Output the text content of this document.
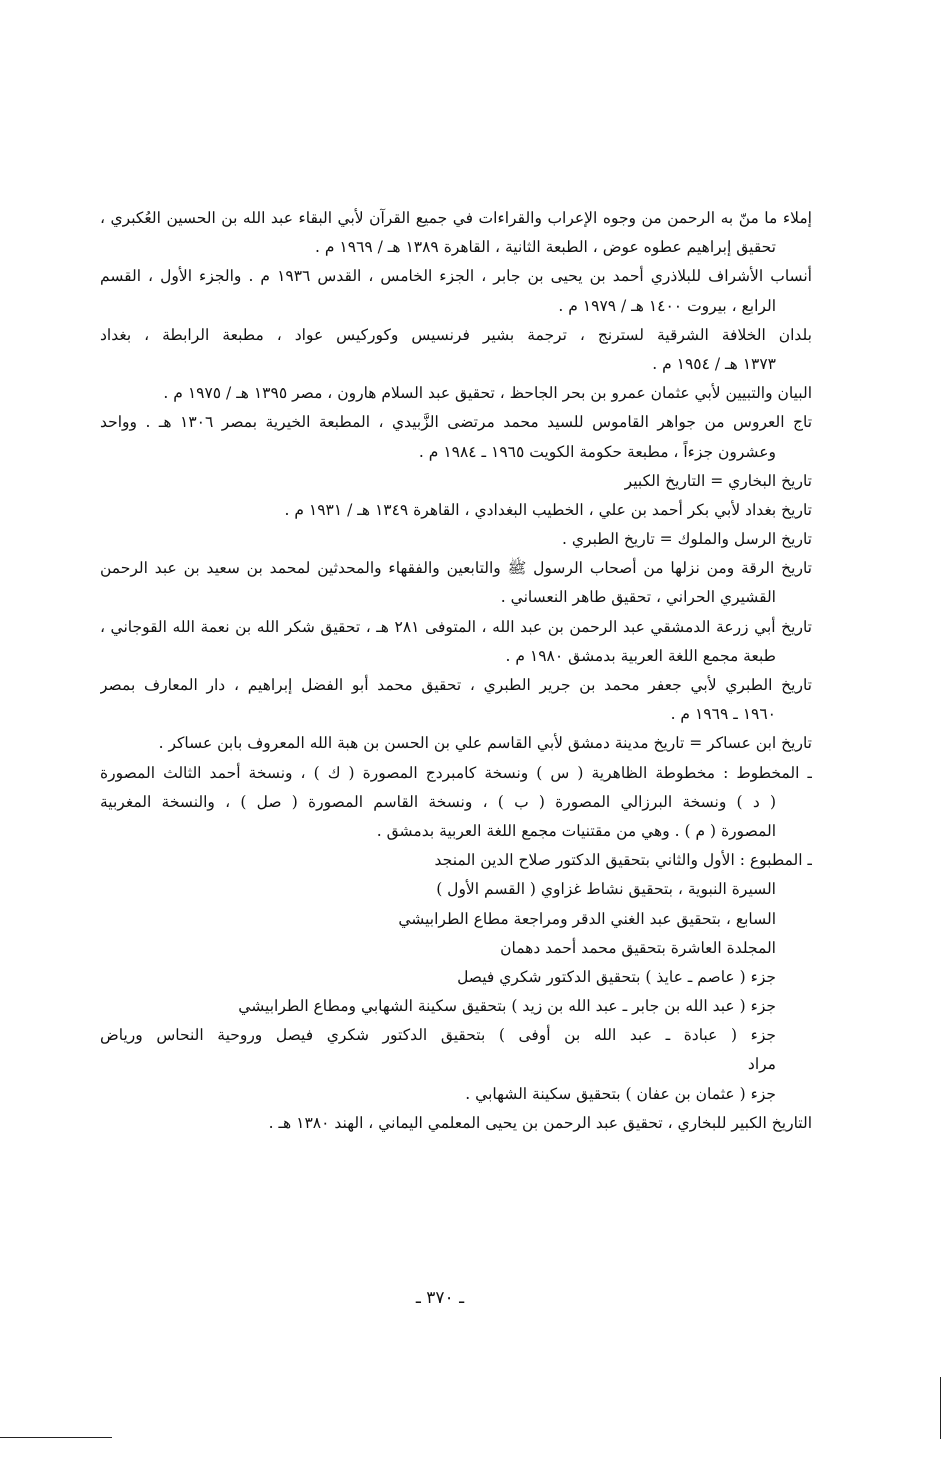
إملاء ما منّ به الرحمن من وجوه الإعراب والقراءات في جميع القرآن لأبي البقاء عبد الله بن الحسين العُكبري ،
تحقيق إبراهيم عطوه عوض ، الطبعة الثانية ، القاهرة ١٣٨٩ هـ / ١٩٦٩ م .
أنساب الأشراف للبلاذري أحمد بن يحيى بن جابر ، الجزء الخامس ، القدس ١٩٣٦ م . والجزء الأول ، القسم
الرابع ، بيروت ١٤٠٠ هـ / ١٩٧٩ م .
بلدان الخلافة الشرقية لسترنج ، ترجمة بشير فرنسيس وكوركيس عواد ، مطبعة الرابطة ، بغداد
١٣٧٣ هـ / ١٩٥٤ م .
البيان والتبيين لأبي عثمان عمرو بن بحر الجاحظ ، تحقيق عبد السلام هارون ، مصر ١٣٩٥ هـ / ١٩٧٥ م .
تاج العروس من جواهر القاموس للسيد محمد مرتضى الزَّبيدي ، المطبعة الخيرية بمصر ١٣٠٦ هـ . وواحد
وعشرون جزءاً ، مطبعة حكومة الكويت ١٩٦٥ ـ ١٩٨٤ م .
تاريخ البخاري = التاريخ الكبير
تاريخ بغداد لأبي بكر أحمد بن علي ، الخطيب البغدادي ، القاهرة ١٣٤٩ هـ / ١٩٣١ م .
تاريخ الرسل والملوك = تاريخ الطبري .
تاريخ الرقة ومن نزلها من أصحاب الرسول ﷺ والتابعين والفقهاء والمحدثين لمحمد بن سعيد بن عبد الرحمن
القشيري الحراني ، تحقيق طاهر النعساني .
تاريخ أبي زرعة الدمشقي عبد الرحمن بن عبد الله ، المتوفى ٢٨١ هـ ، تحقيق شكر الله بن نعمة الله القوجاني ،
طبعة مجمع اللغة العربية بدمشق ١٩٨٠ م .
تاريخ الطبري لأبي جعفر محمد بن جرير الطبري ، تحقيق محمد أبو الفضل إبراهيم ، دار المعارف بمصر
١٩٦٠ ـ ١٩٦٩ م .
تاريخ ابن عساكر = تاريخ مدينة دمشق لأبي القاسم علي بن الحسن بن هبة الله المعروف بابن عساكر .
ـ المخطوط : مخطوطة الظاهرية ( س ) ونسخة كامبردج المصورة ( ك ) ، ونسخة أحمد الثالث المصورة
( د ) ونسخة البرزالي المصورة ( ب ) ، ونسخة القاسم المصورة ( صل ) ، والنسخة المغربية
المصورة ( م ) . وهي من مقتنيات مجمع اللغة العربية بدمشق .
ـ المطبوع : الأول والثاني بتحقيق الدكتور صلاح الدين المنجد
السيرة النبوية ، بتحقيق نشاط غزاوي ( القسم الأول )
السابع ، بتحقيق عبد الغني الدقر ومراجعة مطاع الطرابيشي
المجلدة العاشرة بتحقيق محمد أحمد دهمان
جزء ( عاصم ـ عايذ ) بتحقيق الدكتور شكري فيصل
جزء ( عبد الله بن جابر ـ عبد الله بن زيد ) بتحقيق سكينة الشهابي ومطاع الطرابيشي
جزء ( عبادة ـ عبد الله بن أوفى ) بتحقيق الدكتور شكري فيصل وروحية النحاس ورياض
مراد
جزء ( عثمان بن عفان ) بتحقيق سكينة الشهابي .
التاريخ الكبير للبخاري ، تحقيق عبد الرحمن بن يحيى المعلمي اليماني ، الهند ١٣٨٠ هـ .
ـ ٣٧٠ ـ
